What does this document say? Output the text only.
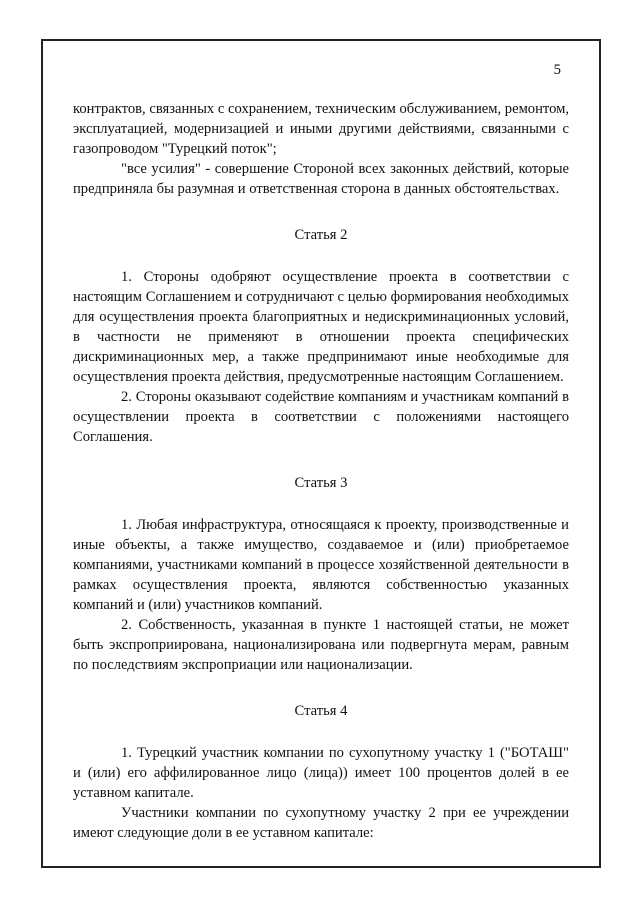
5

контрактов, связанных с сохранением, техническим обслуживанием, ремонтом, эксплуатацией, модернизацией и иными другими действиями, связанными с газопроводом "Турецкий поток";

"все усилия" - совершение Стороной всех законных действий, которые предприняла бы разумная и ответственная сторона в данных обстоятельствах.

Статья 2

1. Стороны одобряют осуществление проекта в соответствии с настоящим Соглашением и сотрудничают с целью формирования необходимых для осуществления проекта благоприятных и недискриминационных условий, в частности не применяют в отношении проекта специфических дискриминационных мер, а также предпринимают иные необходимые для осуществления проекта действия, предусмотренные настоящим Соглашением.

2. Стороны оказывают содействие компаниям и участникам компаний в осуществлении проекта в соответствии с положениями настоящего Соглашения.

Статья 3

1. Любая инфраструктура, относящаяся к проекту, производственные и иные объекты, а также имущество, создаваемое и (или) приобретаемое компаниями, участниками компаний в процессе хозяйственной деятельности в рамках осуществления проекта, являются собственностью указанных компаний и (или) участников компаний.

2. Собственность, указанная в пункте 1 настоящей статьи, не может быть экспроприирована, национализирована или подвергнута мерам, равным по последствиям экспроприации или национализации.

Статья 4

1. Турецкий участник компании по сухопутному участку 1 ("БОТАШ" и (или) его аффилированное лицо (лица)) имеет 100 процентов долей в ее уставном капитале.

Участники компании по сухопутному участку 2 при ее учреждении имеют следующие доли в ее уставном капитале:
